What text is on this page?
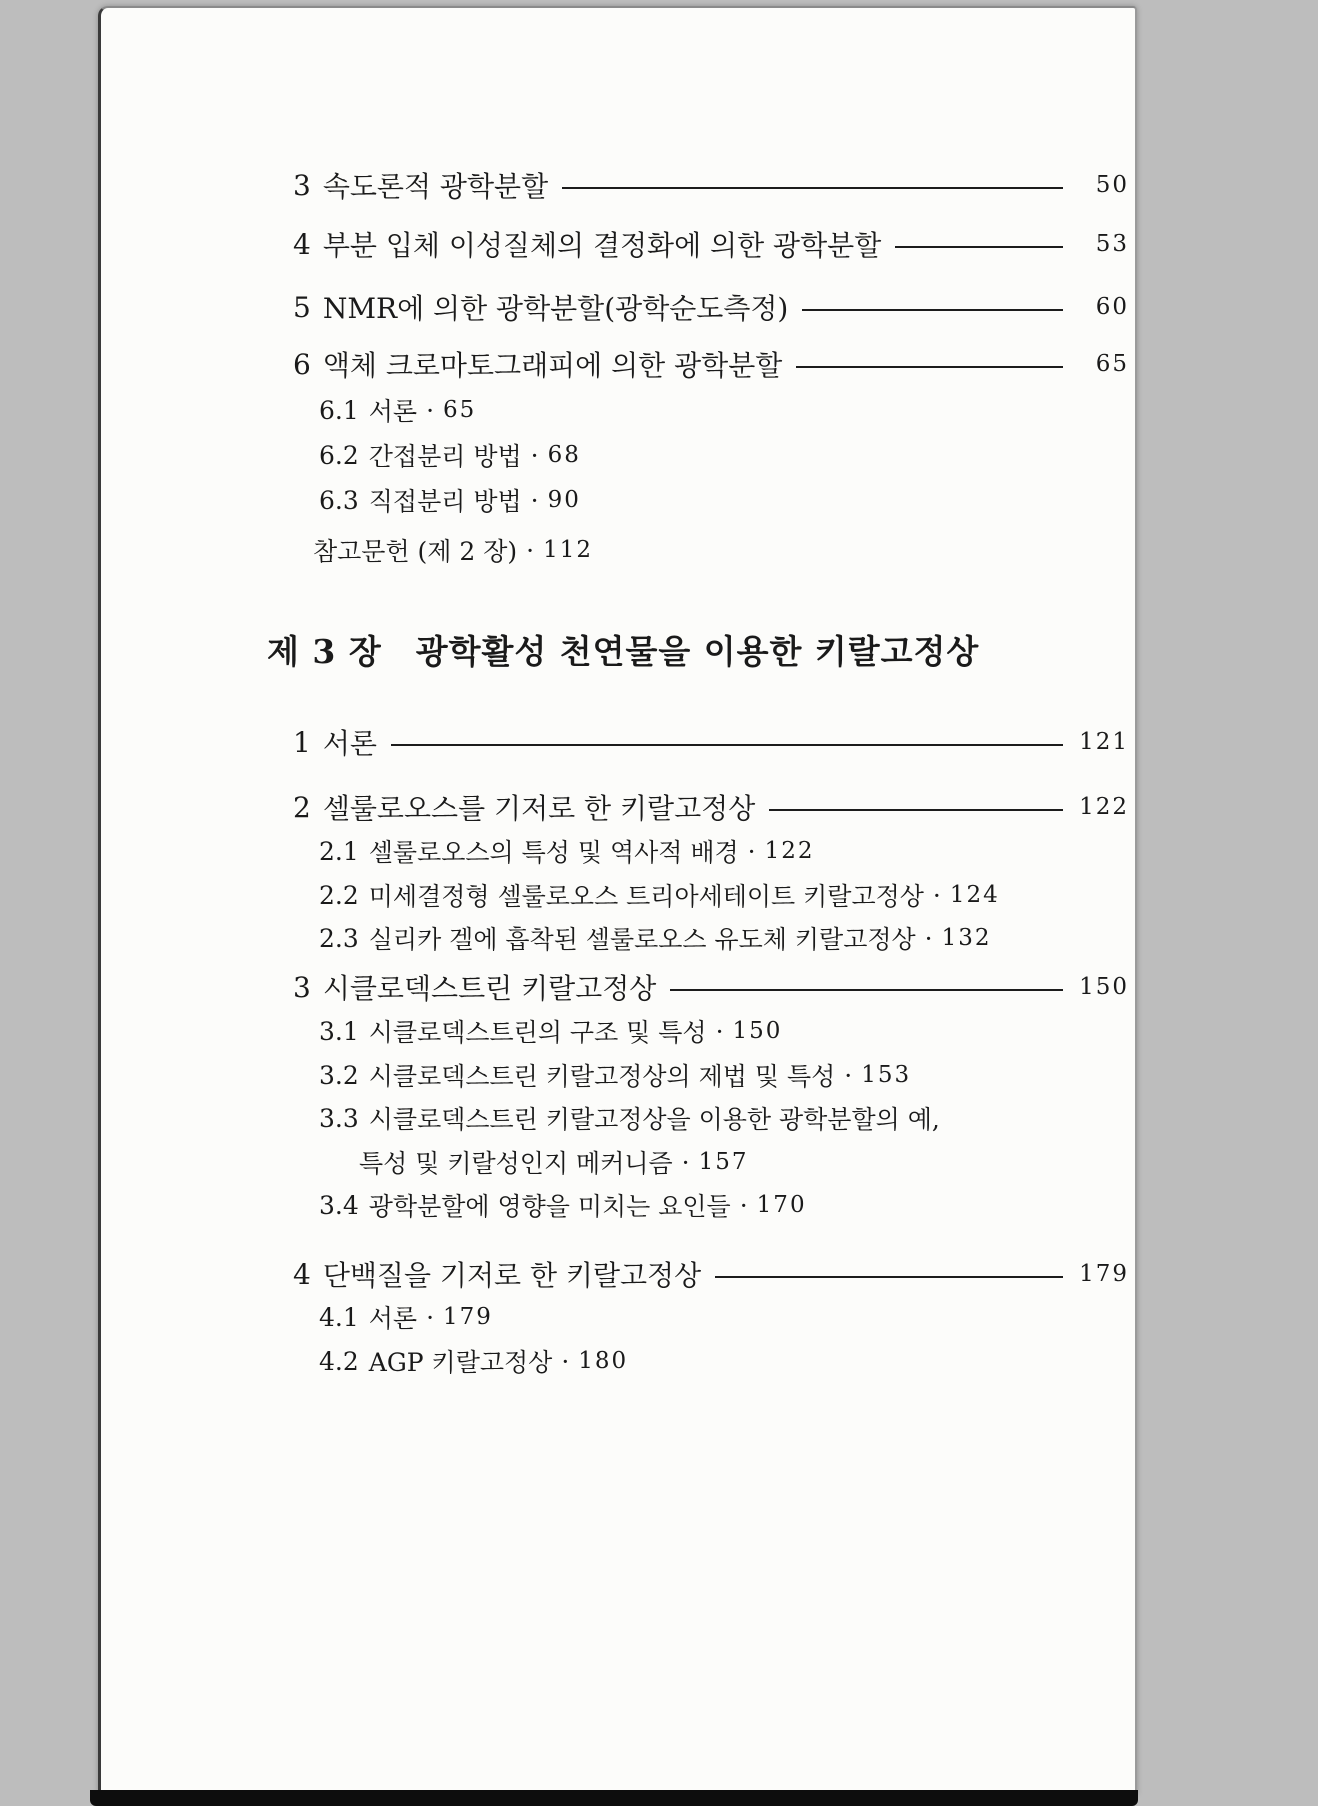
3 속도론적 광학분할	50
4 부분 입체 이성질체의 결정화에 의한 광학분할	53
5 NMR에 의한 광학분할(광학순도측정)	60
6 액체 크로마토그래피에 의한 광학분할	65
6.1 서론 · 65
6.2 간접분리 방법 · 68
6.3 직접분리 방법 · 90
참고문헌 (제 2 장) · 112
제 3 장 광학활성 천연물을 이용한 키랄고정상
1 서론	121
2 셀룰로오스를 기저로 한 키랄고정상	122
2.1 셀룰로오스의 특성 및 역사적 배경 · 122
2.2 미세결정형 셀룰로오스 트리아세테이트 키랄고정상 · 124
2.3 실리카 겔에 흡착된 셀룰로오스 유도체 키랄고정상 · 132
3 시클로덱스트린 키랄고정상	150
3.1 시클로덱스트린의 구조 및 특성 · 150
3.2 시클로덱스트린 키랄고정상의 제법 및 특성 · 153
3.3 시클로덱스트린 키랄고정상을 이용한 광학분할의 예,
특성 및 키랄성인지 메커니즘 · 157
3.4 광학분할에 영향을 미치는 요인들 · 170
4 단백질을 기저로 한 키랄고정상	179
4.1 서론 · 179
4.2 AGP 키랄고정상 · 180
